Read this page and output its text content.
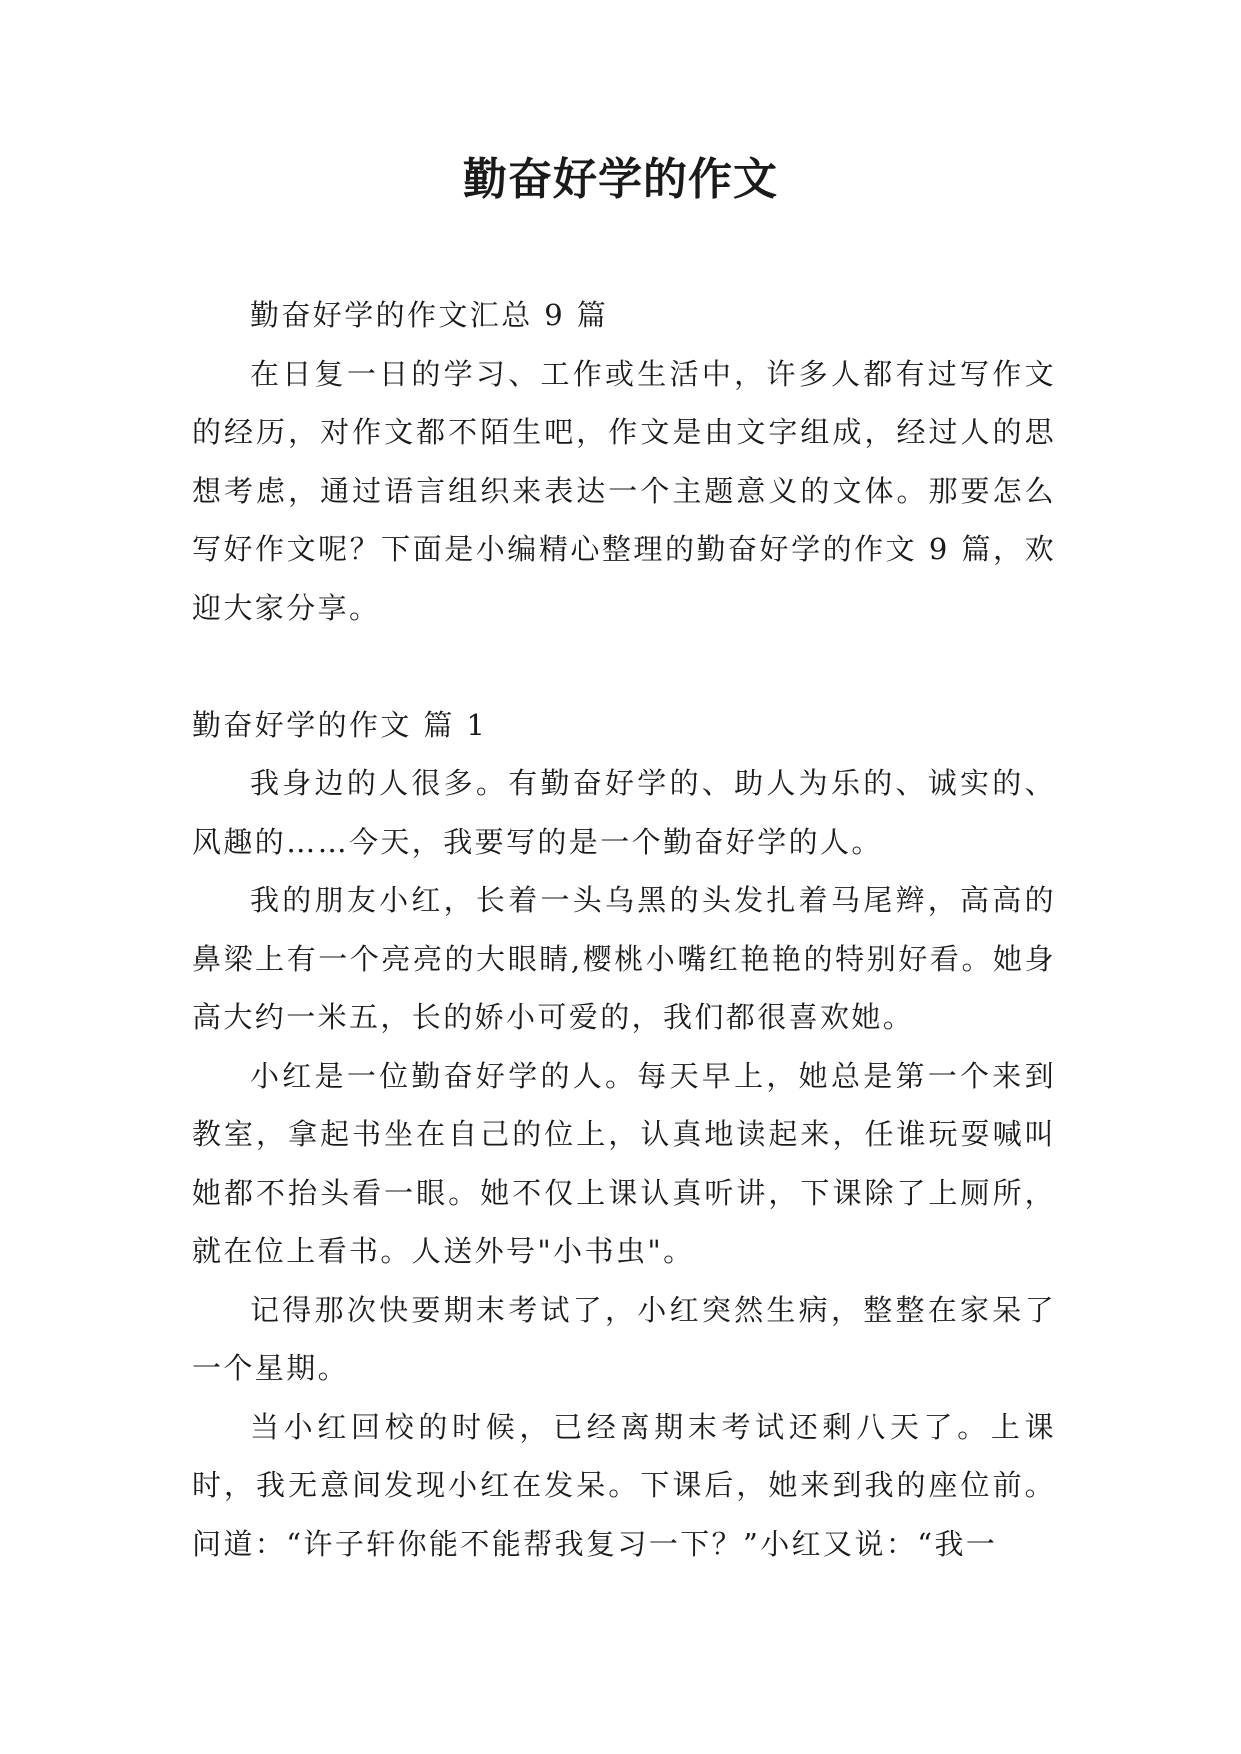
勤奋好学的作文

勤奋好学的作文汇总 9 篇

在日复一日的学习、工作或生活中，许多人都有过写作文的经历，对作文都不陌生吧，作文是由文字组成，经过人的思想考虑，通过语言组织来表达一个主题意义的文体。那要怎么写好作文呢？下面是小编精心整理的勤奋好学的作文 9 篇，欢迎大家分享。

勤奋好学的作文 篇 1

我身边的人很多。有勤奋好学的、助人为乐的、诚实的、风趣的……今天，我要写的是一个勤奋好学的人。

我的朋友小红，长着一头乌黑的头发扎着马尾辫，高高的鼻梁上有一个亮亮的大眼睛,樱桃小嘴红艳艳的特别好看。她身高大约一米五，长的娇小可爱的，我们都很喜欢她。

小红是一位勤奋好学的人。每天早上，她总是第一个来到教室，拿起书坐在自己的位上，认真地读起来，任谁玩耍喊叫她都不抬头看一眼。她不仅上课认真听讲，下课除了上厕所，就在位上看书。人送外号"小书虫"。

记得那次快要期末考试了，小红突然生病，整整在家呆了一个星期。

当小红回校的时候，已经离期末考试还剩八天了。上课时，我无意间发现小红在发呆。下课后，她来到我的座位前。问道：“许子轩你能不能帮我复习一下？”小红又说：“我一
